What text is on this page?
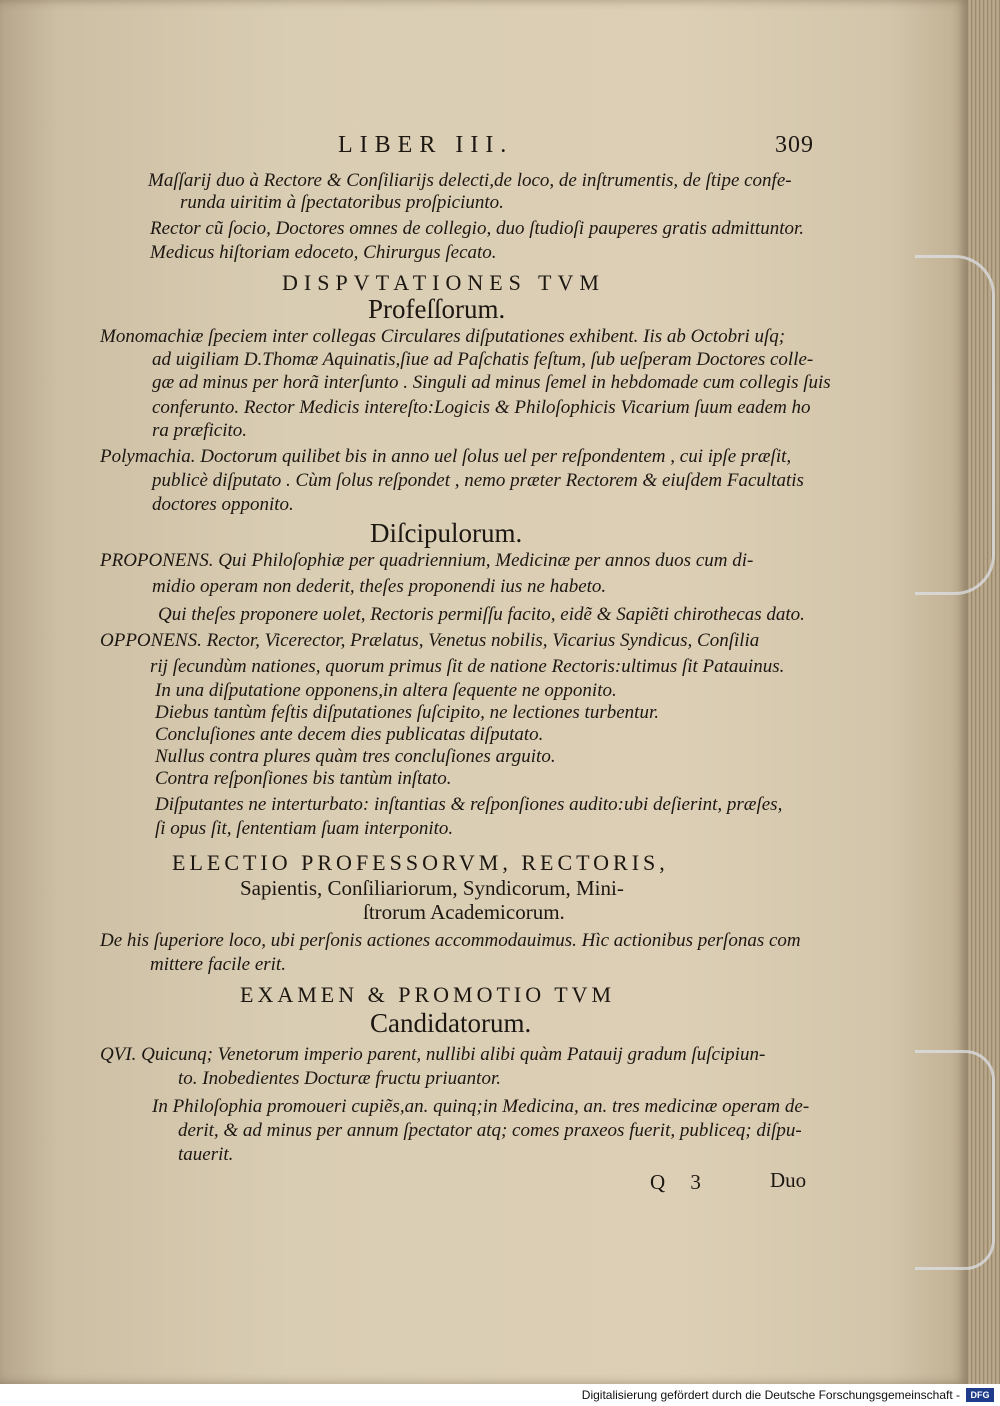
LIBER III.	309
Maſſarij duo à Rectore & Conſiliarijs delecti,de loco, de inſtrumentis, de ſtipe confe-
runda uiritim à ſpectatoribus proſpiciunto.
Rector cũ ſocio, Doctores omnes de collegio, duo ſtudioſi pauperes gratis admittuntor.
Medicus hiſtoriam edoceto, Chirurgus ſecato.
DISPVTATIONES TVM
Profeſſorum.
Monomachiæ ſpeciem inter collegas Circulares diſputationes exhibent. Iis ab Octobri uſq;
ad uigiliam D.Thomæ Aquinatis,ſiue ad Paſchatis feſtum, ſub ueſperam Doctores colle-
gæ ad minus per horã interſunto . Singuli ad minus ſemel in hebdomade cum collegis ſuis
conferunto. Rector Medicis intereſto:Logicis & Philoſophicis Vicarium ſuum eadem ho
ra præficito.
Polymachia. Doctorum quilibet bis in anno uel ſolus uel per reſpondentem , cui ipſe præſit,
publicè diſputato . Cùm ſolus reſpondet , nemo præter Rectorem & eiuſdem Facultatis
doctores opponito.
Diſcipulorum.
PROPONENS. Qui Philoſophiæ per quadriennium, Medicinæ per annos duos cum di-
midio operam non dederit, theſes proponendi ius ne habeto.
Qui theſes proponere uolet, Rectoris permiſſu facito, eidẽ & Sapiẽti chirothecas dato.
OPPONENS. Rector, Vicerector, Prælatus, Venetus nobilis, Vicarius Syndicus, Conſilia
rij ſecundùm nationes, quorum primus ſit de natione Rectoris:ultimus ſit Patauinus.
In una diſputatione opponens,in altera ſequente ne opponito.
Diebus tantùm feſtis diſputationes ſuſcipito, ne lectiones turbentur.
Concluſiones ante decem dies publicatas diſputato.
Nullus contra plures quàm tres concluſiones arguito.
Contra reſponſiones bis tantùm inſtato.
Diſputantes ne interturbato: inſtantias & reſponſiones audito:ubi deſierint, præſes,
ſi opus ſit, ſententiam ſuam interponito.
ELECTIO PROFESSORVM, RECTORIS,
Sapientis, Conſiliariorum, Syndicorum, Mini-
ſtrorum Academicorum.
De his ſuperiore loco, ubi perſonis actiones accommodauimus. Hìc actionibus perſonas com
mittere facile erit.
EXAMEN & PROMOTIO TVM
Candidatorum.
QVI. Quicunq; Venetorum imperio parent, nullibi alibi quàm Patauij gradum ſuſcipiun-
to. Inobedientes Docturæ fructu priuantor.
In Philoſophia promoueri cupiẽs,an. quinq;in Medicina, an. tres medicinæ operam de-
derit, & ad minus per annum ſpectator atq; comes praxeos fuerit, publiceq; diſpu-
tauerit.
Q 3	Duo
Digitalisierung gefördert durch die Deutsche Forschungsgemeinschaft -	DFG
